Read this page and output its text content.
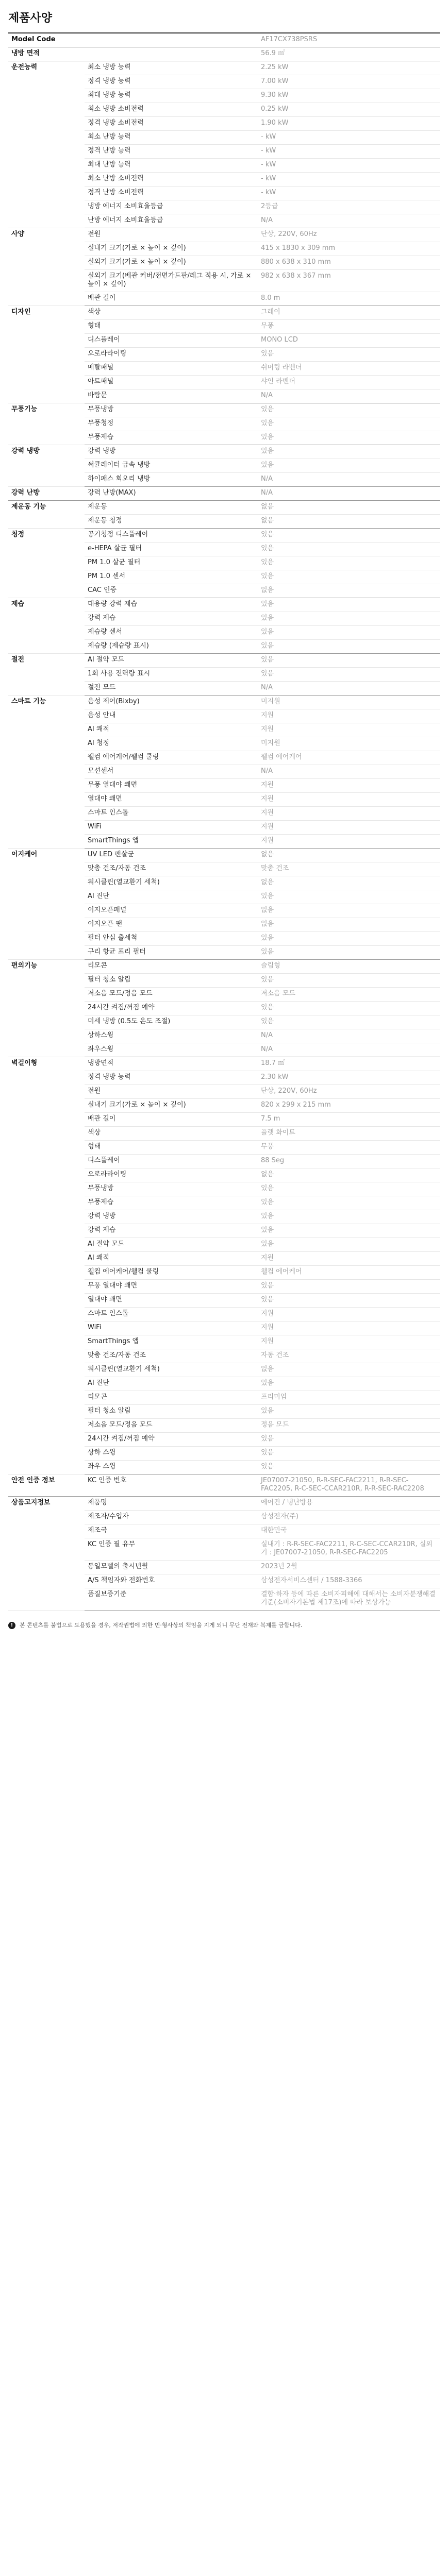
제품사양
Model Code		AF17CX738PSRS
냉방 면적		56.9 ㎡
운전능력	최소 냉방 능력	2.25 kW
	정격 냉방 능력	7.00 kW
	최대 냉방 능력	9.30 kW
	최소 냉방 소비전력	0.25 kW
	정격 냉방 소비전력	1.90 kW
	최소 난방 능력	- kW
	정격 난방 능력	- kW
	최대 난방 능력	- kW
	최소 난방 소비전력	- kW
	정격 난방 소비전력	- kW
	냉방 에너지 소비효율등급	2등급
	난방 에너지 소비효율등급	N/A
사양	전원	단상, 220V, 60Hz
	실내기 크기(가로 × 높이 × 깊이)	415 x 1830 x 309 mm
	실외기 크기(가로 × 높이 × 깊이)	880 x 638 x 310 mm
	실외기 크기(베관 커버/전면가드판/레그 적용 시, 가로 × 높이 × 깊이)	982 x 638 x 367 mm
	배관 길이	8.0 m
디자인	색상	그레이
	형태	무풍
	디스플레이	MONO LCD
	오로라라이팅	있음
	메탈패널	쉬머링 라벤더
	아트패널	샤인 라벤더
	바람문	N/A
무풍기능	무풍냉방	있음
	무풍청정	있음
	무풍제습	있음
강력 냉방	강력 냉방	있음
	써큘레이터 급속 냉방	있음
	하이패스 회오리 냉방	N/A
강력 난방	강력 난방(MAX)	N/A
제운동 기능	제운동	없음
	제운동 청정	없음
청정	공기청정 디스플레이	있음
	e-HEPA 살균 필터	있음
	PM 1.0 살균 필터	있음
	PM 1.0 센서	있음
	CAC 인증	없음
제습	대용량 강력 제습	있음
	강력 제습	있음
	제습량 센서	있음
	제습량 (제습량 표시)	있음
절전	AI 절약 모드	있음
	1회 사용 전력량 표시	있음
	절전 모드	N/A
스마트 기능	음성 제어(Bixby)	미지원
	음성 안내	지원
	AI 쾌적	지원
	AI 청정	미지원
	웰컴 에어케어/웰컴 쿨링	웰컴 에어케어
	모션센서	N/A
	무풍 열대야 쾌면	지원
	열대야 쾌면	지원
	스마트 인스톨	지원
	WiFi	지원
	SmartThings 앱	지원
이지케어	UV LED 팬살균	없음
	맞춤 건조/자동 건조	맞춤 건조
	워시클린(열교환기 세척)	없음
	AI 진단	있음
	이지오픈패널	없음
	이지오픈 팬	없음
	필터 안심 출세척	있음
	구리 항균 프리 필터	있음
편의기능	리모콘	슬림형
	필터 청소 알림	있음
	저소음 모드/정음 모드	저소음 모드
	24시간 켜짐/꺼짐 예약	있음
	미세 냉방 (0.5도 온도 조절)	있음
	상하스윙	N/A
	좌우스윙	N/A
벽걸이형	냉방면적	18.7 ㎡
	정격 냉방 능력	2.30 kW
	전원	단상, 220V, 60Hz
	실내기 크기(가로 × 높이 × 깊이)	820 x 299 x 215 mm
	배관 길이	7.5 m
	색상	플랫 화이트
	형태	무풍
	디스플레이	88 Seg
	오로라라이팅	없음
	무풍냉방	있음
	무풍제습	있음
	강력 냉방	있음
	강력 제습	있음
	AI 절약 모드	있음
	AI 쾌적	지원
	웰컴 에어케어/웰컴 쿨링	웰컴 에어케어
	무풍 열대야 쾌면	있음
	열대야 쾌면	있음
	스마트 인스톨	지원
	WiFi	지원
	SmartThings 앱	지원
	맞춤 건조/자동 건조	자동 건조
	워시클린(열교환기 세척)	없음
	AI 진단	있음
	리모콘	프리미엄
	필터 청소 알림	있음
	저소음 모드/정음 모드	정음 모드
	24시간 켜짐/꺼짐 예약	있음
	상하 스윙	있음
	좌우 스윙	있음
안전 인증 정보	KC 인증 번호	JE07007-21050, R-R-SEC-FAC2211, R-R-SEC-FAC2205, R-C-SEC-CCAR210R, R-R-SEC-RAC2208
상품고지정보	제품명	에어컨 / 냉난방용
	제조자/수입자	삼성전자(주)
	제조국	대한민국
	KC 인증 필 유무	실내기 : R-R-SEC-FAC2211, R-C-SEC-CCAR210R, 실외기 : JE07007-21050, R-R-SEC-FAC2205
	동일모델의 출시년월	2023년 2월
	A/S 책임자와 전화번호	삼성전자서비스센터 / 1588-3366
	품질보증기준	결함·하자 등에 따른 소비자피해에 대해서는 소비자분쟁해결기준(소비자기본법 제17조)에 따라 보상가능
!	본 콘텐츠를 불법으로 도용했을 경우, 저작권법에 의한 민·형사상의 책임을 지게 되니 무단 전재와 복제를 금합니다.
